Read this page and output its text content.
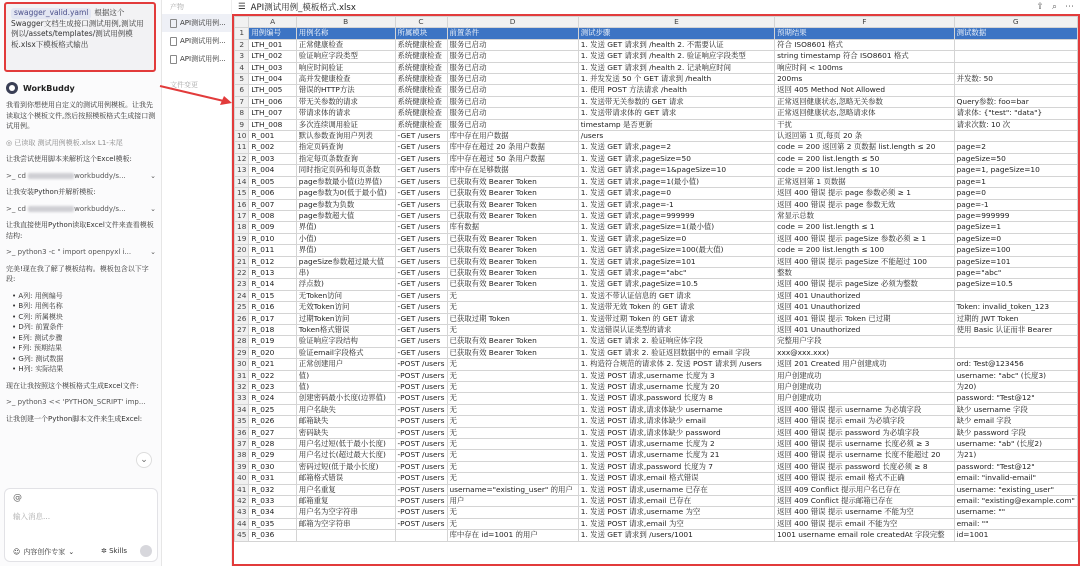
swagger_valid.yaml 根据这个Swagger文档生成接口测试用例,测试用例以/assets/templates/测试用例模板.xlsx下模板格式输出
WorkBuddy

我看到你想使用自定义的测试用例模板。让我先读取这个模板文件,然后按照模板格式生成接口测试用例。

◎ 已读取 测试用例模板.xlsx L1-末尾

让我尝试使用脚本来解析这个Excel模板:

>_ cd	workbuddy/s...	⌄

让我安装Python并解析模板:

>_ cd	workbuddy/s...	⌄

让我直接使用Python读取Excel文件来查看模板结构:

>_ python3 -c " import openpyxl i...	⌄

完美!现在我了解了模板结构。模板包含以下字段:

• A列: 用例编号
• B列: 用例名称
• C列: 所属模块
• D列: 前置条件
• E列: 测试步骤
• F列: 预期结果
• G列: 测试数据
• H列: 实际结果

现在让我按照这个模板格式生成Excel文件:

>_ python3 << 'PYTHON_SCRIPT' imp...

让我创建一个Python脚本文件来生成Excel:

⌄
@
输入消息...
☺ 内容创作专家 ⌄	✲ Skills
产物
API测试用例...
API测试用例...
API测试用例...
文件变更
☰ API测试用例_模板格式.xlsx	⇪ ⌕ ⋯
	A	B	C	D	E	F	G
1	用例编号	用例名称	所属模块	前置条件	测试步骤	预期结果	测试数据
2	LTH_001	正常健康检查	系统健康检查	服务已启动	1. 发送 GET 请求到 /health 2. 不需要认证	符合 ISO8601 格式	
3	LTH_002	验证响应字段类型	系统健康检查	服务已启动	1. 发送 GET 请求到 /health 2. 验证响应字段类型	string timestamp 符合 ISO8601 格式	
4	LTH_003	响应时间验证	系统健康检查	服务已启动	1. 发送 GET 请求到 /health 2. 记录响应时间	响应时间 < 100ms	
5	LTH_004	高并发健康检查	系统健康检查	服务已启动	1. 并发发送 50 个 GET 请求到 /health	200ms	并发数: 50
6	LTH_005	错误的HTTP方法	系统健康检查	服务已启动	1. 使用 POST 方法请求 /health	返回 405 Method Not Allowed	
7	LTH_006	带无关参数的请求	系统健康检查	服务已启动	1. 发送带无关参数的 GET 请求	正常返回健康状态,忽略无关参数	Query参数: foo=bar
8	LTH_007	带请求体的请求	系统健康检查	服务已启动	1. 发送带请求体的 GET 请求	正常返回健康状态,忽略请求体	请求体: {"test": "data"}
9	LTH_008	多次连续调用验证	系统健康检查	服务已启动	timestamp 是否更新	干扰	请求次数: 10 次
10	R_001	默认参数查询用户列表	-GET /users	库中存在用户数据	/users	认返回第 1 页,每页 20 条	
11	R_002	指定页码查询	-GET /users	库中存在超过 20 条用户数据	1. 发送 GET 请求,page=2	code = 200 返回第 2 页数据 list.length ≤ 20	page=2
12	R_003	指定每页条数查询	-GET /users	库中存在超过 50 条用户数据	1. 发送 GET 请求,pageSize=50	code = 200 list.length ≤ 50	pageSize=50
13	R_004	同时指定页码和每页条数	-GET /users	库中存在足够数据	1. 发送 GET 请求,page=1&pageSize=10	code = 200 list.length ≤ 10	page=1, pageSize=10
14	R_005	page参数最小值(边界值)	-GET /users	已获取有效 Bearer Token	1. 发送 GET 请求,page=1(最小值)	正常返回第 1 页数据	page=1
15	R_006	page参数为0(低于最小值)	-GET /users	已获取有效 Bearer Token	1. 发送 GET 请求,page=0	返回 400 错误 提示 page 参数必须 ≥ 1	page=0
16	R_007	page参数为负数	-GET /users	已获取有效 Bearer Token	1. 发送 GET 请求,page=-1	返回 400 错误 提示 page 参数无效	page=-1
17	R_008	page参数超大值	-GET /users	已获取有效 Bearer Token	1. 发送 GET 请求,page=999999	常显示总数	page=999999
18	R_009	界值)	-GET /users	库有数据	1. 发送 GET 请求,pageSize=1(最小值)	code = 200 list.length ≤ 1	pageSize=1
19	R_010	小值)	-GET /users	已获取有效 Bearer Token	1. 发送 GET 请求,pageSize=0	返回 400 错误 提示 pageSize 参数必须 ≥ 1	pageSize=0
20	R_011	界值)	-GET /users	已获取有效 Bearer Token	1. 发送 GET 请求,pageSize=100(最大值)	code = 200 list.length ≤ 100	pageSize=100
21	R_012	pageSize参数超过最大值	-GET /users	已获取有效 Bearer Token	1. 发送 GET 请求,pageSize=101	返回 400 错误 提示 pageSize 不能超过 100	pageSize=101
22	R_013	串)	-GET /users	已获取有效 Bearer Token	1. 发送 GET 请求,page="abc"	整数	page="abc"
23	R_014	浮点数)	-GET /users	已获取有效 Bearer Token	1. 发送 GET 请求,pageSize=10.5	返回 400 错误 提示 pageSize 必须为整数	pageSize=10.5
24	R_015	无Token访问	-GET /users	无	1. 发送不带认证信息的 GET 请求	返回 401 Unauthorized	
25	R_016	无效Token访问	-GET /users	无	1. 发送带无效 Token 的 GET 请求	返回 401 Unauthorized	Token: invalid_token_123
26	R_017	过期Token访问	-GET /users	已获取过期 Token	1. 发送带过期 Token 的 GET 请求	返回 401 错误 提示 Token 已过期	过期的 JWT Token
27	R_018	Token格式错误	-GET /users	无	1. 发送错误认证类型的请求	返回 401 Unauthorized	使用 Basic 认证而非 Bearer
28	R_019	验证响应字段结构	-GET /users	已获取有效 Bearer Token	1. 发送 GET 请求 2. 验证响应体字段	完整用户字段	
29	R_020	验证email字段格式	-GET /users	已获取有效 Bearer Token	1. 发送 GET 请求 2. 验证返回数据中的 email 字段	xxx@xxx.xxx)	
30	R_021	正常创建用户	-POST /users	无	1. 构造符合规范的请求体 2. 发送 POST 请求到 /users	返回 201 Created 用户创建成功	ord: Test@123456
31	R_022	值)	-POST /users	无	1. 发送 POST 请求,username 长度为 3	用户创建成功	username: "abc" (长度3)
32	R_023	值)	-POST /users	无	1. 发送 POST 请求,username 长度为 20	用户创建成功	为20)
33	R_024	创建密码最小长度(边界值)	-POST /users	无	1. 发送 POST 请求,password 长度为 8	用户创建成功	password: "Test@12"
34	R_025	用户名缺失	-POST /users	无	1. 发送 POST 请求,请求体缺少 username	返回 400 错误 提示 username 为必填字段	缺少 username 字段
35	R_026	邮箱缺失	-POST /users	无	1. 发送 POST 请求,请求体缺少 email	返回 400 错误 提示 email 为必填字段	缺少 email 字段
36	R_027	密码缺失	-POST /users	无	1. 发送 POST 请求,请求体缺少 password	返回 400 错误 提示 password 为必填字段	缺少 password 字段
37	R_028	用户名过短(低于最小长度)	-POST /users	无	1. 发送 POST 请求,username 长度为 2	返回 400 错误 提示 username 长度必须 ≥ 3	username: "ab" (长度2)
38	R_029	用户名过长(超过最大长度)	-POST /users	无	1. 发送 POST 请求,username 长度为 21	返回 400 错误 提示 username 长度不能超过 20	为21)
39	R_030	密码过短(低于最小长度)	-POST /users	无	1. 发送 POST 请求,password 长度为 7	返回 400 错误 提示 password 长度必须 ≥ 8	password: "Test@12"
40	R_031	邮箱格式错误	-POST /users	无	1. 发送 POST 请求,email 格式错误	返回 400 错误 提示 email 格式不正确	email: "invalid-email"
41	R_032	用户名重复	-POST /users	username="existing_user" 的用户	1. 发送 POST 请求,username 已存在	返回 409 Conflict 提示用户名已存在	username: "existing_user"
42	R_033	邮箱重复	-POST /users	用户	1. 发送 POST 请求,email 已存在	返回 409 Conflict 提示邮箱已存在	email: "existing@example.com"
43	R_034	用户名为空字符串	-POST /users	无	1. 发送 POST 请求,username 为空	返回 400 错误 提示 username 不能为空	username: ""
44	R_035	邮箱为空字符串	-POST /users	无	1. 发送 POST 请求,email 为空	返回 400 错误 提示 email 不能为空	email: ""
45	R_036			库中存在 id=1001 的用户	1. 发送 GET 请求到 /users/1001	1001 username email role createdAt 字段完整	id=1001
